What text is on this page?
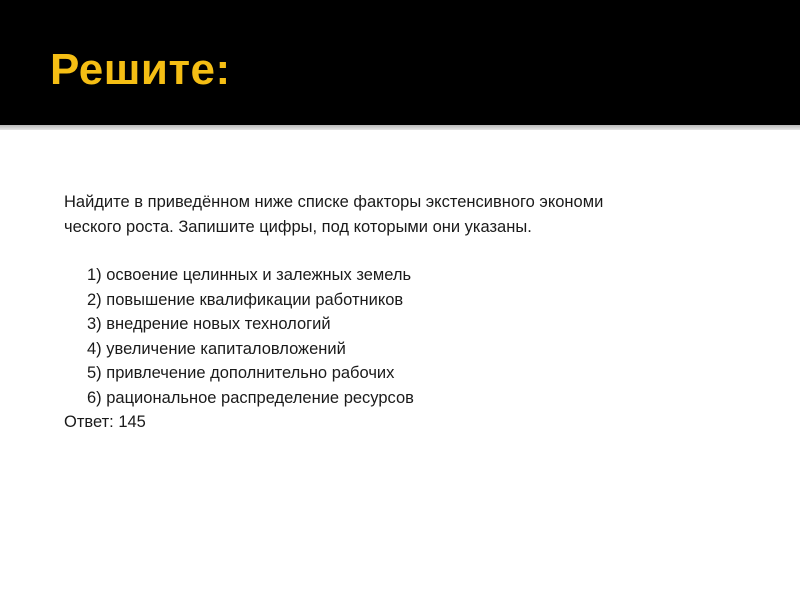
Решите:
Найдите в приведённом ниже списке факторы экстенсивного экономи
ческого роста. Запишите цифры, под которыми они указаны.
1) освоение целинных и залежных земель
2) повышение квалификации работников
3) внедрение новых технологий
4) увеличение капиталовложений
5) привлечение дополнительно рабочих
6) рациональное распределение ресурсов
Ответ: 145
